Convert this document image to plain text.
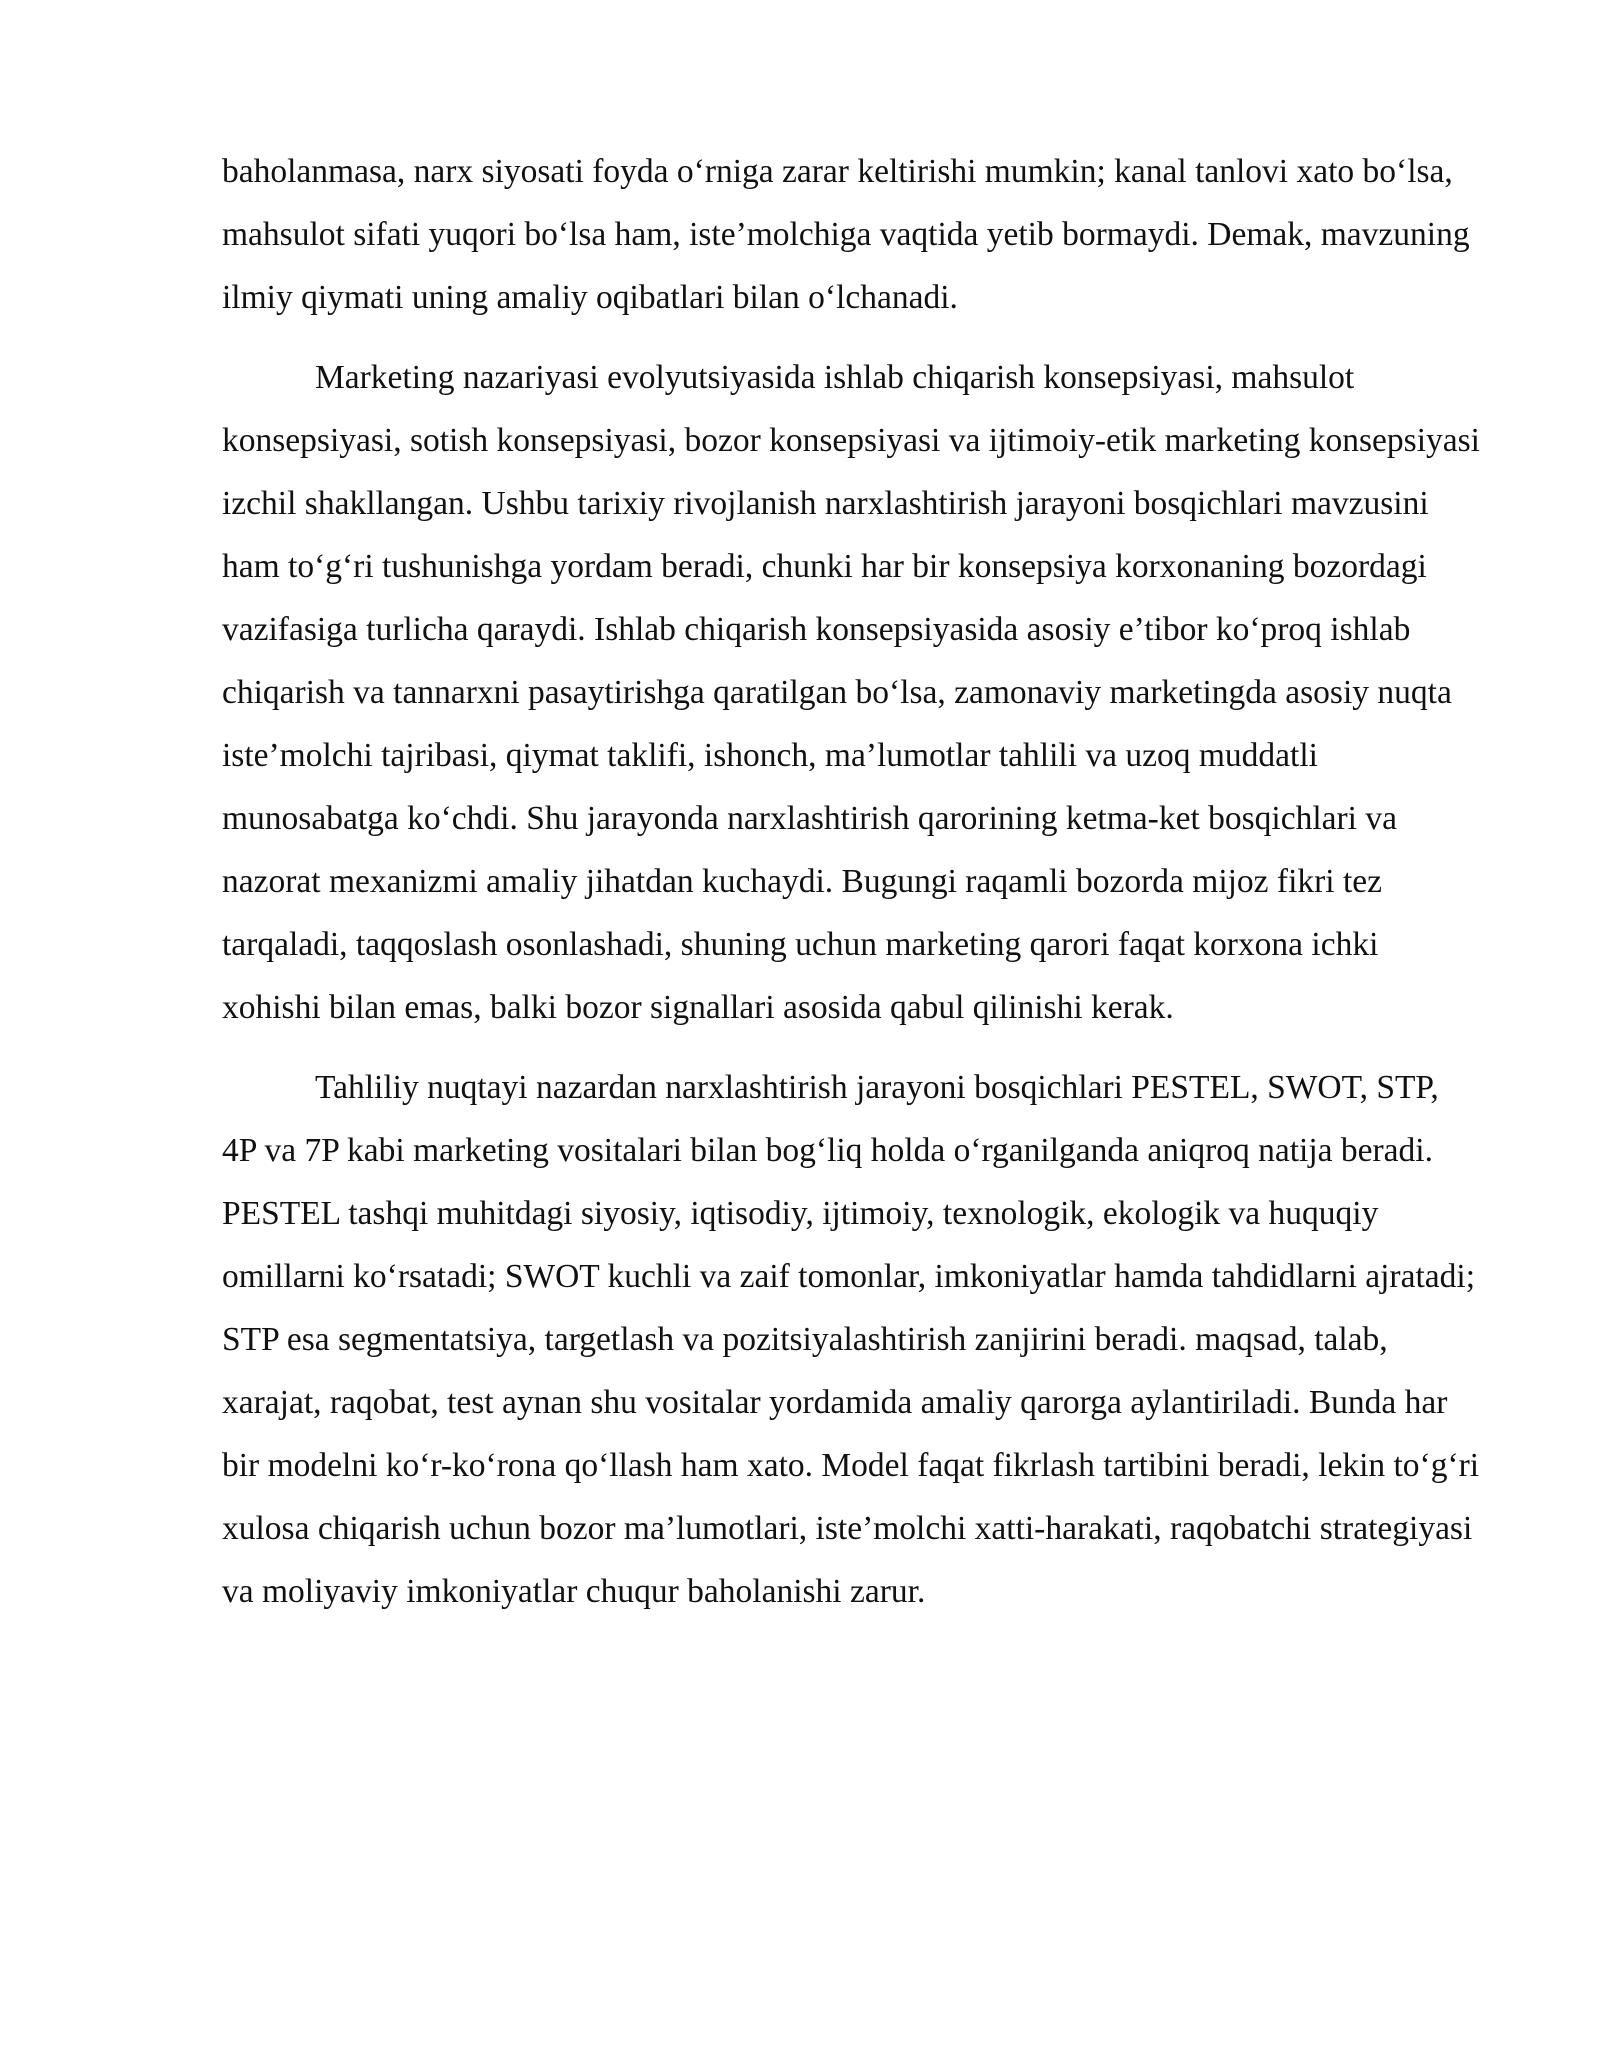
baholanmasa, narx siyosati foyda o‘rniga zarar keltirishi mumkin; kanal tanlovi xato bo‘lsa, mahsulot sifati yuqori bo‘lsa ham, iste’molchiga vaqtida yetib bormaydi. Demak, mavzuning ilmiy qiymati uning amaliy oqibatlari bilan o‘lchanadi.

Marketing nazariyasi evolyutsiyasida ishlab chiqarish konsepsiyasi, mahsulot konsepsiyasi, sotish konsepsiyasi, bozor konsepsiyasi va ijtimoiy-etik marketing konsepsiyasi izchil shakllangan. Ushbu tarixiy rivojlanish narxlashtirish jarayoni bosqichlari mavzusini ham to‘g‘ri tushunishga yordam beradi, chunki har bir konsepsiya korxonaning bozordagi vazifasiga turlicha qaraydi. Ishlab chiqarish konsepsiyasida asosiy e’tibor ko‘proq ishlab chiqarish va tannarxni pasaytirishga qaratilgan bo‘lsa, zamonaviy marketingda asosiy nuqta iste’molchi tajribasi, qiymat taklifi, ishonch, ma’lumotlar tahlili va uzoq muddatli munosabatga ko‘chdi. Shu jarayonda narxlashtirish qarorining ketma-ket bosqichlari va nazorat mexanizmi amaliy jihatdan kuchaydi. Bugungi raqamli bozorda mijoz fikri tez tarqaladi, taqqoslash osonlashadi, shuning uchun marketing qarori faqat korxona ichki xohishi bilan emas, balki bozor signallari asosida qabul qilinishi kerak.

Tahliliy nuqtayi nazardan narxlashtirish jarayoni bosqichlari PESTEL, SWOT, STP, 4P va 7P kabi marketing vositalari bilan bog‘liq holda o‘rganilganda aniqroq natija beradi. PESTEL tashqi muhitdagi siyosiy, iqtisodiy, ijtimoiy, texnologik, ekologik va huquqiy omillarni ko‘rsatadi; SWOT kuchli va zaif tomonlar, imkoniyatlar hamda tahdidlarni ajratadi; STP esa segmentatsiya, targetlash va pozitsiyalashtirish zanjirini beradi. maqsad, talab, xarajat, raqobat, test aynan shu vositalar yordamida amaliy qarorga aylantiriladi. Bunda har bir modelni ko‘r-ko‘rona qo‘llash ham xato. Model faqat fikrlash tartibini beradi, lekin to‘g‘ri xulosa chiqarish uchun bozor ma’lumotlari, iste’molchi xatti-harakati, raqobatchi strategiyasi va moliyaviy imkoniyatlar chuqur baholanishi zarur.
